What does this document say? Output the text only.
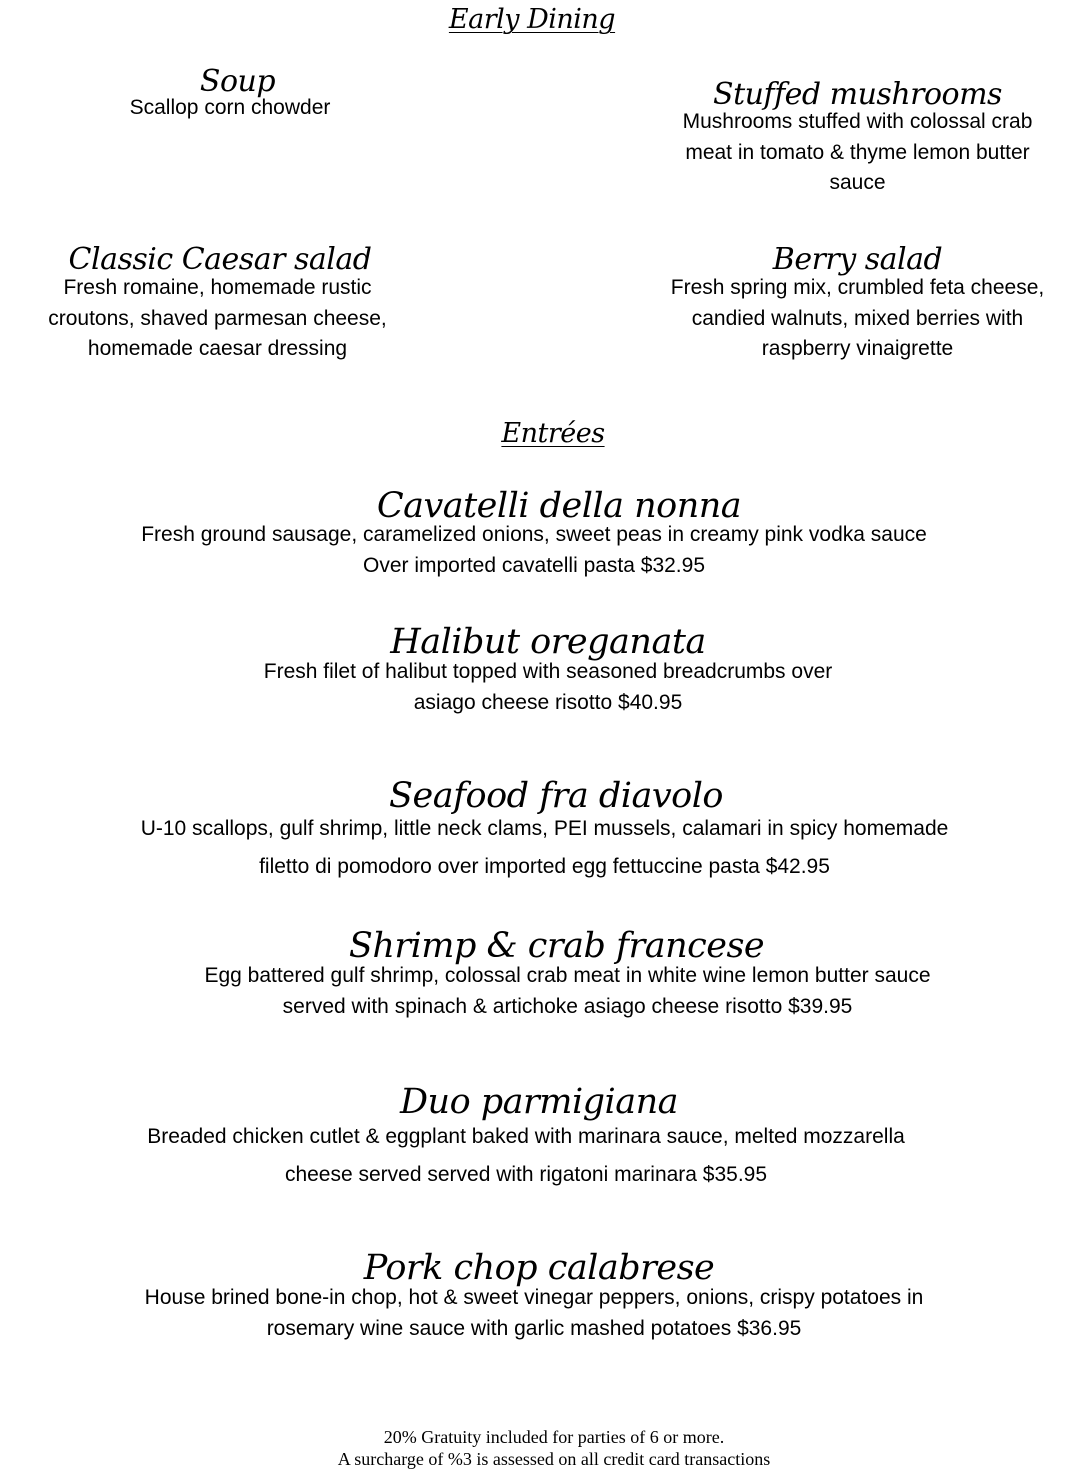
Early Dining
Soup
Scallop corn chowder	Stuffed mushrooms
Mushrooms stuffed with colossal crab
meat in tomato & thyme lemon butter
sauce
Classic Caesar salad
Fresh romaine, homemade rustic
croutons, shaved parmesan cheese,
homemade caesar dressing
Berry salad
Fresh spring mix, crumbled feta cheese,
candied walnuts, mixed berries with
raspberry vinaigrette
Entrées
Cavatelli della nonna
Fresh ground sausage, caramelized onions, sweet peas in creamy pink vodka sauce
Over imported cavatelli pasta $32.95
Halibut oreganata
Fresh filet of halibut topped with seasoned breadcrumbs over
asiago cheese risotto $40.95
Seafood fra diavolo
U-10 scallops, gulf shrimp, little neck clams, PEI mussels, calamari in spicy homemade
filetto di pomodoro over imported egg fettuccine pasta $42.95
Shrimp & crab francese
Egg battered gulf shrimp, colossal crab meat in white wine lemon butter sauce
served with spinach & artichoke asiago cheese risotto $39.95
Duo parmigiana
Breaded chicken cutlet & eggplant baked with marinara sauce, melted mozzarella
cheese served served with rigatoni marinara $35.95
Pork chop calabrese
House brined bone-in chop, hot & sweet vinegar peppers, onions, crispy potatoes in
rosemary wine sauce with garlic mashed potatoes $36.95
20% Gratuity included for parties of 6 or more.
A surcharge of %3 is assessed on all credit card transactions
